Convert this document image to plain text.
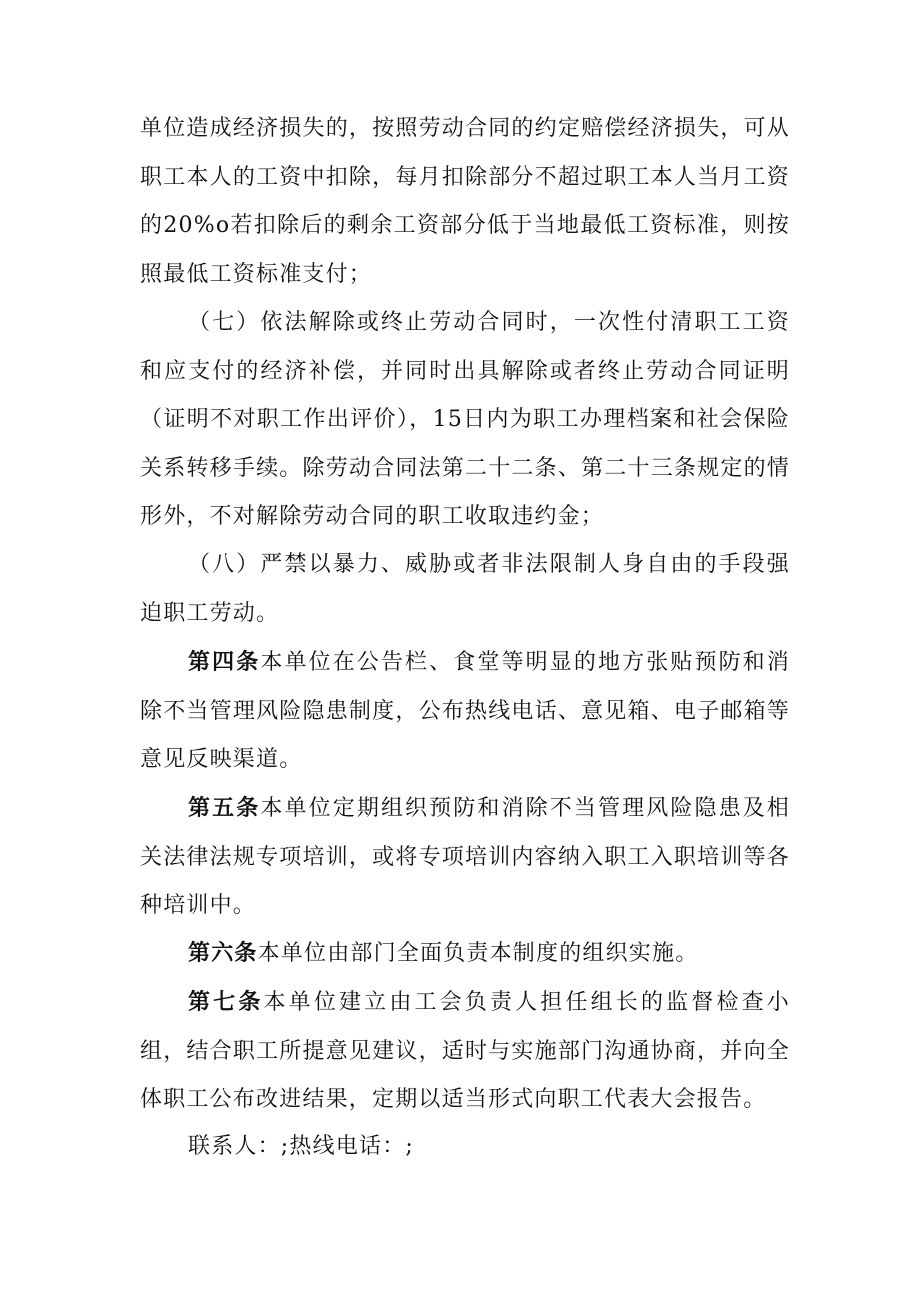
单位造成经济损失的，按照劳动合同的约定赔偿经济损失，可从职工本人的工资中扣除，每月扣除部分不超过职工本人当月工资的20%o若扣除后的剩余工资部分低于当地最低工资标准，则按照最低工资标准支付；

（七）依法解除或终止劳动合同时，一次性付清职工工资和应支付的经济补偿，并同时出具解除或者终止劳动合同证明（证明不对职工作出评价），15日内为职工办理档案和社会保险关系转移手续。除劳动合同法第二十二条、第二十三条规定的情形外，不对解除劳动合同的职工收取违约金；

（八）严禁以暴力、威胁或者非法限制人身自由的手段强迫职工劳动。

第四条本单位在公告栏、食堂等明显的地方张贴预防和消除不当管理风险隐患制度，公布热线电话、意见箱、电子邮箱等意见反映渠道。

第五条本单位定期组织预防和消除不当管理风险隐患及相关法律法规专项培训，或将专项培训内容纳入职工入职培训等各种培训中。

第六条本单位由部门全面负责本制度的组织实施。

第七条本单位建立由工会负责人担任组长的监督检查小组，结合职工所提意见建议，适时与实施部门沟通协商，并向全体职工公布改进结果，定期以适当形式向职工代表大会报告。

联系人：;热线电话：;
